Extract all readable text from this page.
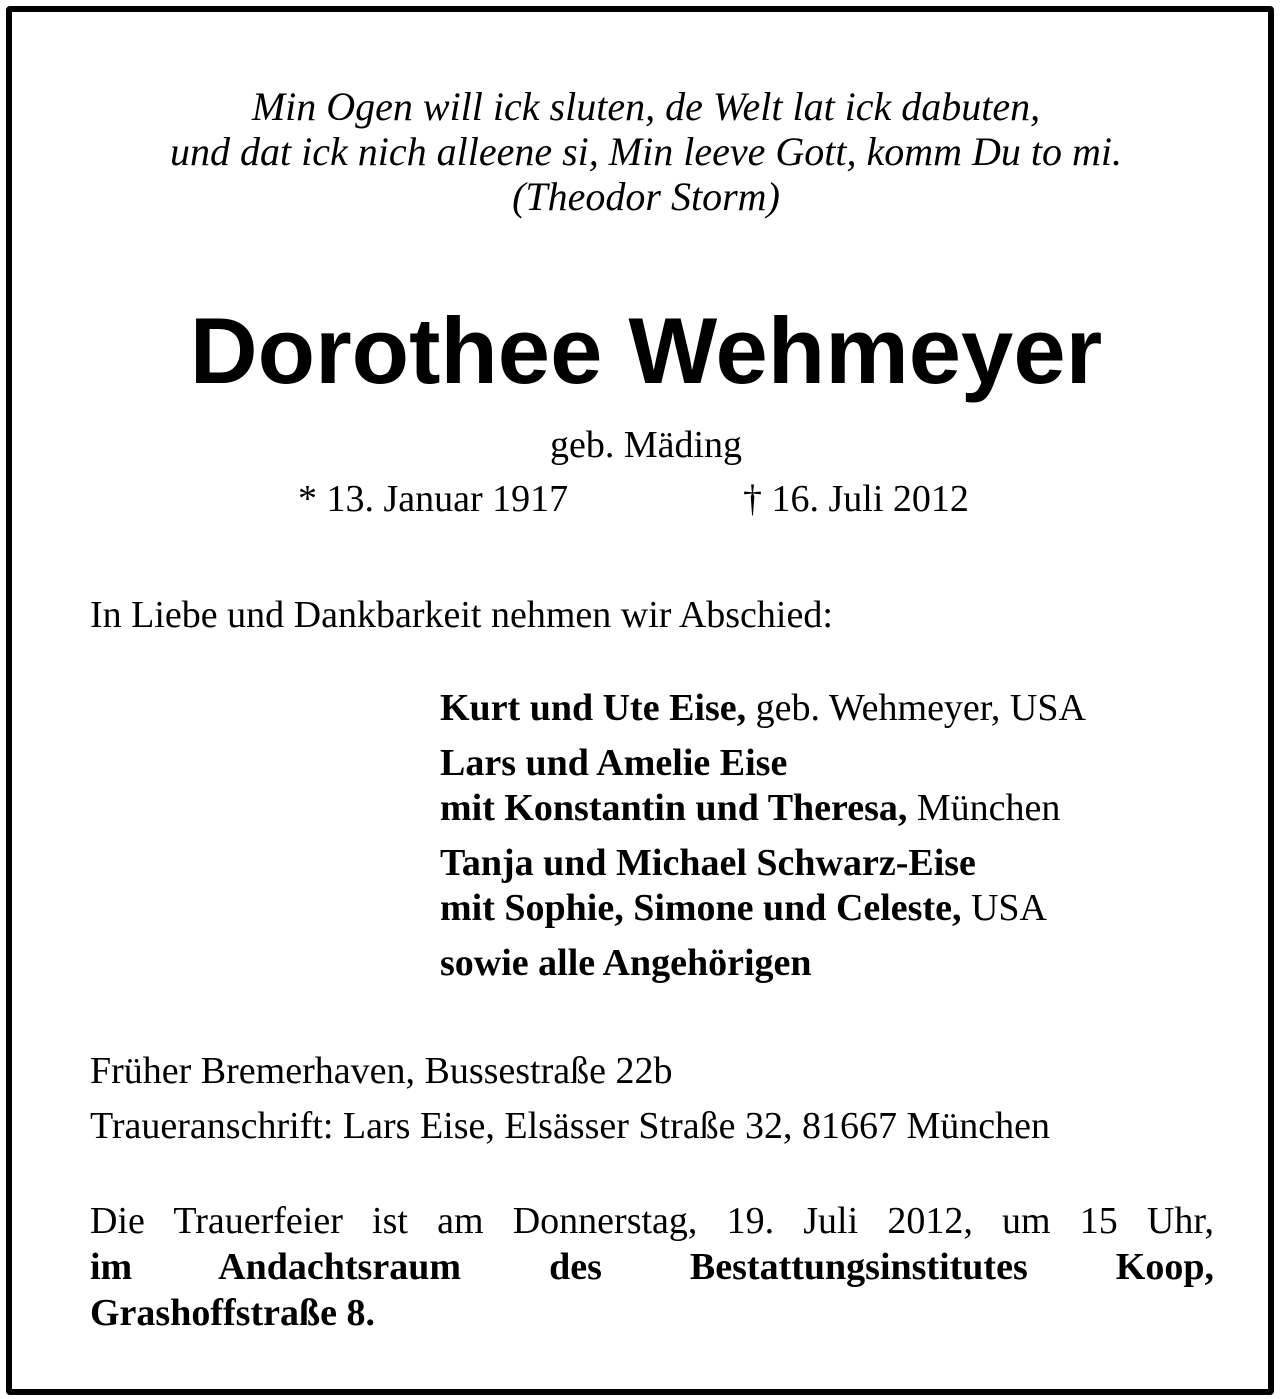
Min Ogen will ick sluten, de Welt lat ick dabuten,
und dat ick nich alleene si, Min leeve Gott, komm Du to mi.
(Theodor Storm)
Dorothee Wehmeyer
geb. Mäding
* 13. Januar 1917	† 16. Juli 2012
In Liebe und Dankbarkeit nehmen wir Abschied:
Kurt und Ute Eise, geb. Wehmeyer, USA
Lars und Amelie Eise
mit Konstantin und Theresa, München
Tanja und Michael Schwarz-Eise
mit Sophie, Simone und Celeste, USA
sowie alle Angehörigen
Früher Bremerhaven, Bussestraße 22b
Traueranschrift: Lars Eise, Elsässer Straße 32, 81667 München
Die Trauerfeier ist am Donnerstag, 19. Juli 2012, um 15 Uhr,
im Andachtsraum des Bestattungsinstitutes Koop,
Grashoffstraße 8.
